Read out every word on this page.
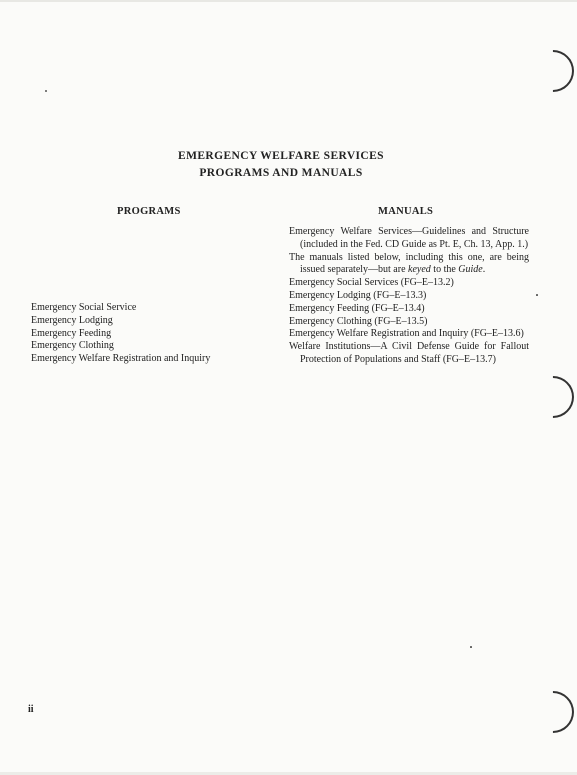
EMERGENCY WELFARE SERVICES
PROGRAMS AND MANUALS
PROGRAMS	MANUALS
Emergency Social Service
Emergency Lodging
Emergency Feeding
Emergency Clothing
Emergency Welfare Registration and Inquiry
Emergency Welfare Services—Guidelines and Structure (included in the Fed. CD Guide as Pt. E, Ch. 13, App. 1.)
The manuals listed below, including this one, are being issued separately—but are keyed to the Guide.
Emergency Social Services (FG–E–13.2)
Emergency Lodging (FG–E–13.3)
Emergency Feeding (FG–E–13.4)
Emergency Clothing (FG–E–13.5)
Emergency Welfare Registration and Inquiry (FG–E–13.6)
Welfare Institutions—A Civil Defense Guide for Fallout Protection of Populations and Staff (FG–E–13.7)
ii
